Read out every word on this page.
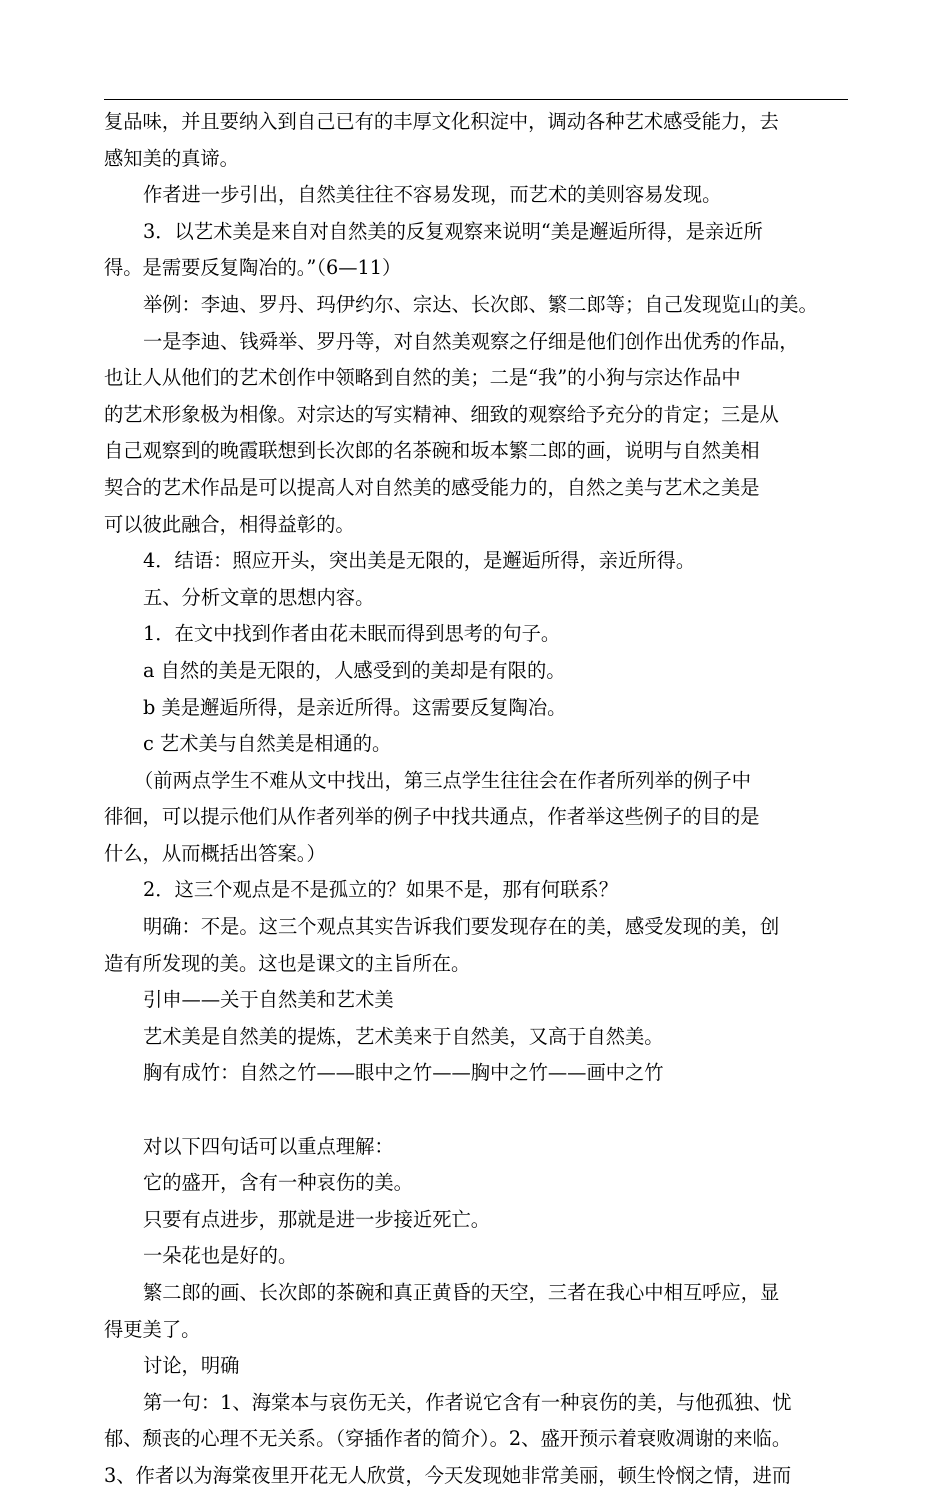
复品味，并且要纳入到自己已有的丰厚文化积淀中，调动各种艺术感受能力，去
感知美的真谛。
作者进一步引出，自然美往往不容易发现，而艺术的美则容易发现。
3．以艺术美是来自对自然美的反复观察来说明“美是邂逅所得，是亲近所
得。是需要反复陶冶的。”（6—11）
举例：李迪、罗丹、玛伊约尔、宗达、长次郎、繁二郎等；自己发现览山的美。
一是李迪、钱舜举、罗丹等，对自然美观察之仔细是他们创作出优秀的作品，
也让人从他们的艺术创作中领略到自然的美；二是“我”的小狗与宗达作品中
的艺术形象极为相像。对宗达的写实精神、细致的观察给予充分的肯定；三是从
自己观察到的晚霞联想到长次郎的名茶碗和坂本繁二郎的画，说明与自然美相
契合的艺术作品是可以提高人对自然美的感受能力的，自然之美与艺术之美是
可以彼此融合，相得益彰的。
4．结语：照应开头，突出美是无限的，是邂逅所得，亲近所得。
五、分析文章的思想内容。
1．在文中找到作者由花未眠而得到思考的句子。
a 自然的美是无限的，人感受到的美却是有限的。
b 美是邂逅所得，是亲近所得。这需要反复陶冶。
c 艺术美与自然美是相通的。
（前两点学生不难从文中找出，第三点学生往往会在作者所列举的例子中
徘徊，可以提示他们从作者列举的例子中找共通点，作者举这些例子的目的是
什么，从而概括出答案。）
2．这三个观点是不是孤立的？如果不是，那有何联系？
明确：不是。这三个观点其实告诉我们要发现存在的美，感受发现的美，创
造有所发现的美。这也是课文的主旨所在。
引申——关于自然美和艺术美
艺术美是自然美的提炼，艺术美来于自然美，又高于自然美。
胸有成竹：自然之竹——眼中之竹——胸中之竹——画中之竹
对以下四句话可以重点理解：
它的盛开，含有一种哀伤的美。
只要有点进步，那就是进一步接近死亡。
一朵花也是好的。
繁二郎的画、长次郎的茶碗和真正黄昏的天空，三者在我心中相互呼应，显
得更美了。
讨论，明确
第一句：1、海棠本与哀伤无关，作者说它含有一种哀伤的美，与他孤独、忧
郁、颓丧的心理不无关系。（穿插作者的简介）。2、盛开预示着衰败凋谢的来临。
3、作者以为海棠夜里开花无人欣赏，今天发现她非常美丽，顿生怜悯之情，进而
